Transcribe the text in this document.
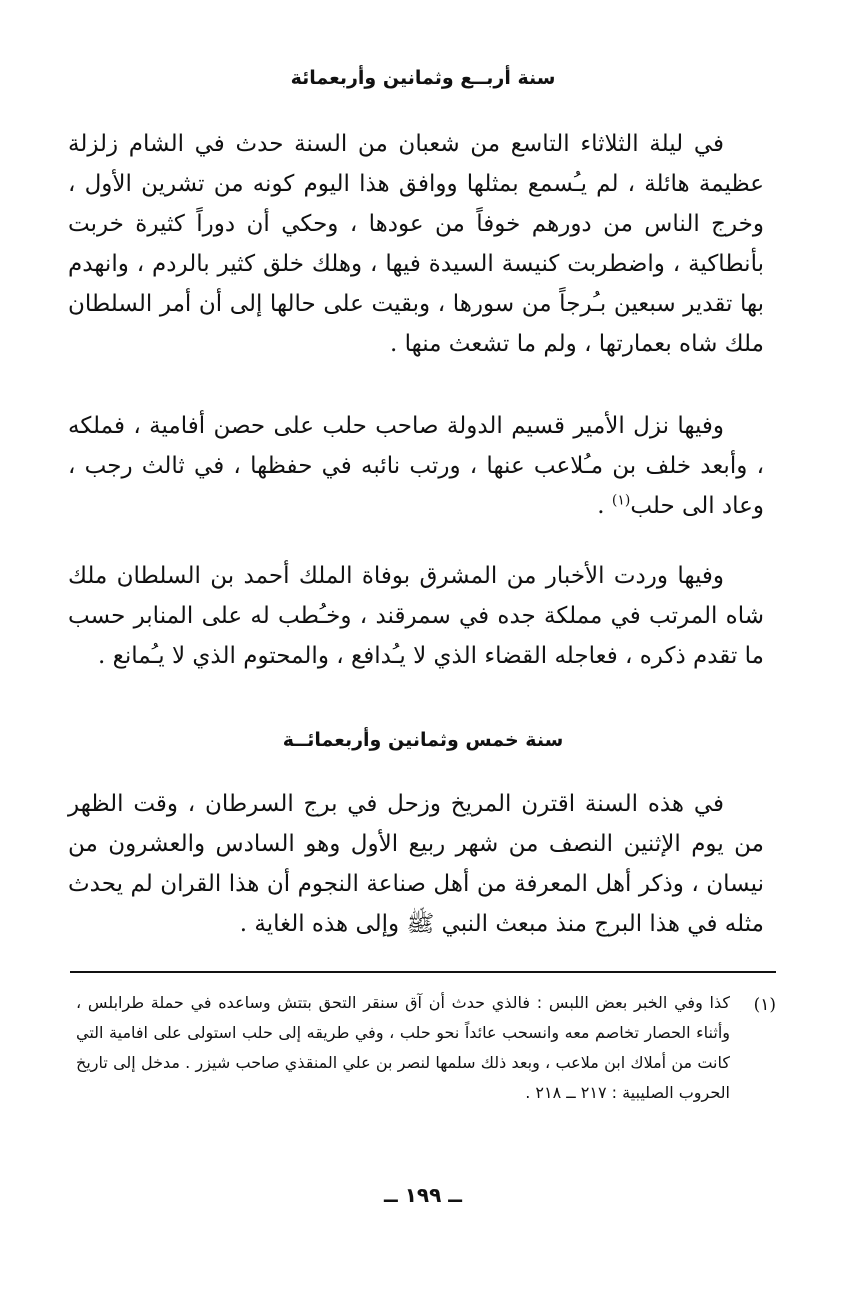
سنة أربــع وثمانين وأربعمائة

في ليلة الثلاثاء التاسع من شعبان من السنة حدث في الشام زلزلة عظيمة هائلة ، لم يـُسمع بمثلها ووافق هذا اليوم كونه من تشرين الأول ، وخرج الناس من دورهم خوفاً من عودها ، وحكي أن دوراً كثيرة خربت بأنطاكية ، واضطربت كنيسة السيدة فيها ، وهلك خلق كثير بالردم ، وانهدم بها تقدير سبعين بـُرجاً من سورها ، وبقيت على حالها إلى أن أمر السلطان ملك شاه بعمارتها ، ولم ما تشعث منها .

وفيها نزل الأمير قسيم الدولة صاحب حلب على حصن أفامية ، فملكه ، وأبعد خلف بن مـُلاعب عنها ، ورتب نائبه في حفظها ، في ثالث رجب ، وعاد الى حلب$^{(١)}$ .

وفيها وردت الأخبار من المشرق بوفاة الملك أحمد بن السلطان ملك شاه المرتب في مملكة جده في سمرقند ، وخـُطب له على المنابر حسب ما تقدم ذكره ، فعاجله القضاء الذي لا يـُدافع ، والمحتوم الذي لا يـُمانع .

سنة خمس وثمانين وأربعمائــة

في هذه السنة اقترن المريخ وزحل في برج السرطان ، وقت الظهر من يوم الإثنين النصف من شهر ربيع الأول وهو السادس والعشرون من نيسان ، وذكر أهل المعرفة من أهل صناعة النجوم أن هذا القران لم يحدث مثله في هذا البرج منذ مبعث النبي ﷺ وإلى هذه الغاية .

(١)

كذا وفي الخبر بعض اللبس : فالذي حدث أن آق سنقر التحق بتتش وساعده في حملة طرابلس ، وأثناء الحصار تخاصم معه وانسحب عائداً نحو حلب ، وفي طريقه إلى حلب استولى على افامية التي كانت من أملاك ابن ملاعب ، وبعد ذلك سلمها لنصر بن علي المنقذي صاحب شيزر . مدخل إلى تاريخ الحروب الصليبية : ٢١٧ ــ ٢١٨ .

ــ ١٩٩ ــ
